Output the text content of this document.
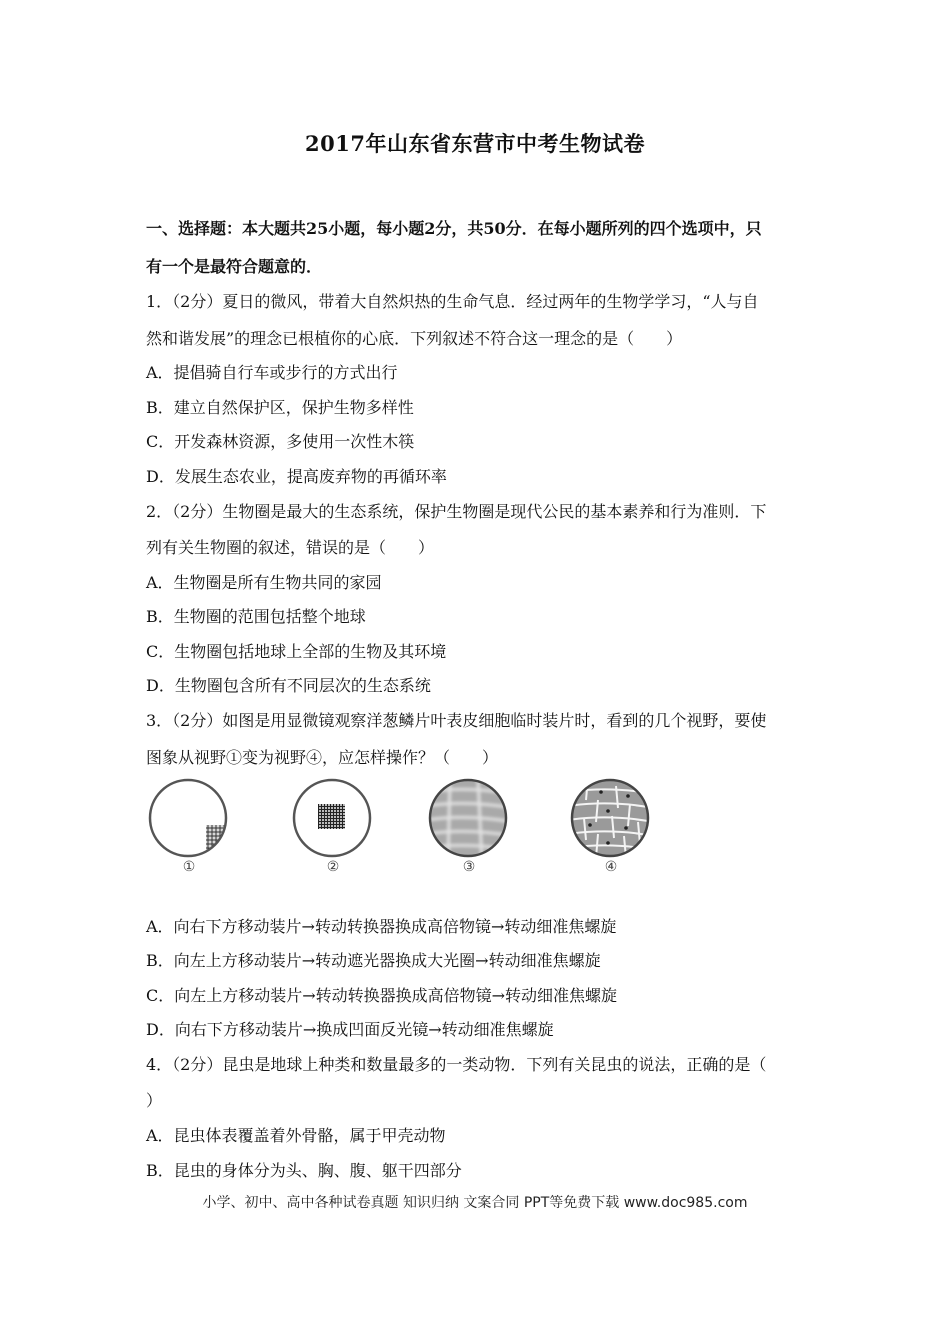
2017年山东省东营市中考生物试卷
一、选择题：本大题共25小题，每小题2分，共50分．在每小题所列的四个选项中，只
有一个是最符合题意的．
1．（2分）夏日的微风，带着大自然炽热的生命气息．经过两年的生物学学习，“人与自
然和谐发展”的理念已根植你的心底．下列叙述不符合这一理念的是（　　）
A．提倡骑自行车或步行的方式出行
B．建立自然保护区，保护生物多样性
C．开发森林资源，多使用一次性木筷
D．发展生态农业，提高废弃物的再循环率
2．（2分）生物圈是最大的生态系统，保护生物圈是现代公民的基本素养和行为准则．下
列有关生物圈的叙述，错误的是（　　）
A．生物圈是所有生物共同的家园
B．生物圈的范围包括整个地球
C．生物圈包括地球上全部的生物及其环境
D．生物圈包含所有不同层次的生态系统
3．（2分）如图是用显微镜观察洋葱鳞片叶表皮细胞临时装片时，看到的几个视野，要使
图象从视野①变为视野④，应怎样操作？（　　）
①	②	③	④
A．向右下方移动装片→转动转换器换成高倍物镜→转动细准焦螺旋
B．向左上方移动装片→转动遮光器换成大光圈→转动细准焦螺旋
C．向左上方移动装片→转动转换器换成高倍物镜→转动细准焦螺旋
D．向右下方移动装片→换成凹面反光镜→转动细准焦螺旋
4．（2分）昆虫是地球上种类和数量最多的一类动物．下列有关昆虫的说法，正确的是（
）
A．昆虫体表覆盖着外骨骼，属于甲壳动物
B．昆虫的身体分为头、胸、腹、躯干四部分
小学、初中、高中各种试卷真题 知识归纳 文案合同 PPT等免费下载 www.doc985.com
